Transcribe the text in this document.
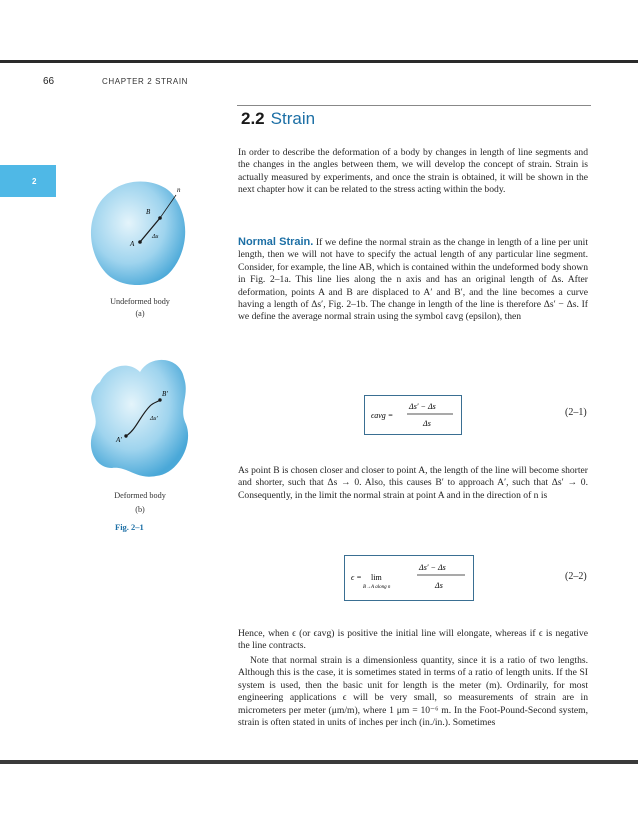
66	CHAPTER 2 STRAIN
2
2.2 Strain
B
n
Δs
A
Undeformed body
(a)
B′
Δs′
A′
Deformed body
(b)
Fig. 2–1
In order to describe the deformation of a body by changes in length of line segments and the changes in the angles between them, we will develop the concept of strain. Strain is actually measured by experiments, and once the strain is obtained, it will be shown in the next chapter how it can be related to the stress acting within the body.
Normal Strain. If we define the normal strain as the change in length of a line per unit length, then we will not have to specify the actual length of any particular line segment. Consider, for example, the line AB, which is contained within the undeformed body shown in Fig. 2–1a. This line lies along the n axis and has an original length of Δs. After deformation, points A and B are displaced to A′ and B′, and the line becomes a curve having a length of Δs′, Fig. 2–1b. The change in length of the line is therefore Δs′ − Δs. If we define the average normal strain using the symbol ϵavg (epsilon), then
ϵavg =
Δs′ − Δs
Δs
(2–1)
As point B is chosen closer and closer to point A, the length of the line will become shorter and shorter, such that Δs → 0. Also, this causes B′ to approach A′, such that Δs′ → 0. Consequently, in the limit the normal strain at point A and in the direction of n is
ϵ = lim
B→A along n
Δs′ − Δs
Δs
(2–2)
Hence, when ϵ (or ϵavg) is positive the initial line will elongate, whereas if ϵ is negative the line contracts.
Note that normal strain is a dimensionless quantity, since it is a ratio of two lengths. Although this is the case, it is sometimes stated in terms of a ratio of length units. If the SI system is used, then the basic unit for length is the meter (m). Ordinarily, for most engineering applications ϵ will be very small, so measurements of strain are in micrometers per meter (μm/m), where 1 μm = 10⁻⁶ m. In the Foot-Pound-Second system, strain is often stated in units of inches per inch (in./in.). Sometimes
